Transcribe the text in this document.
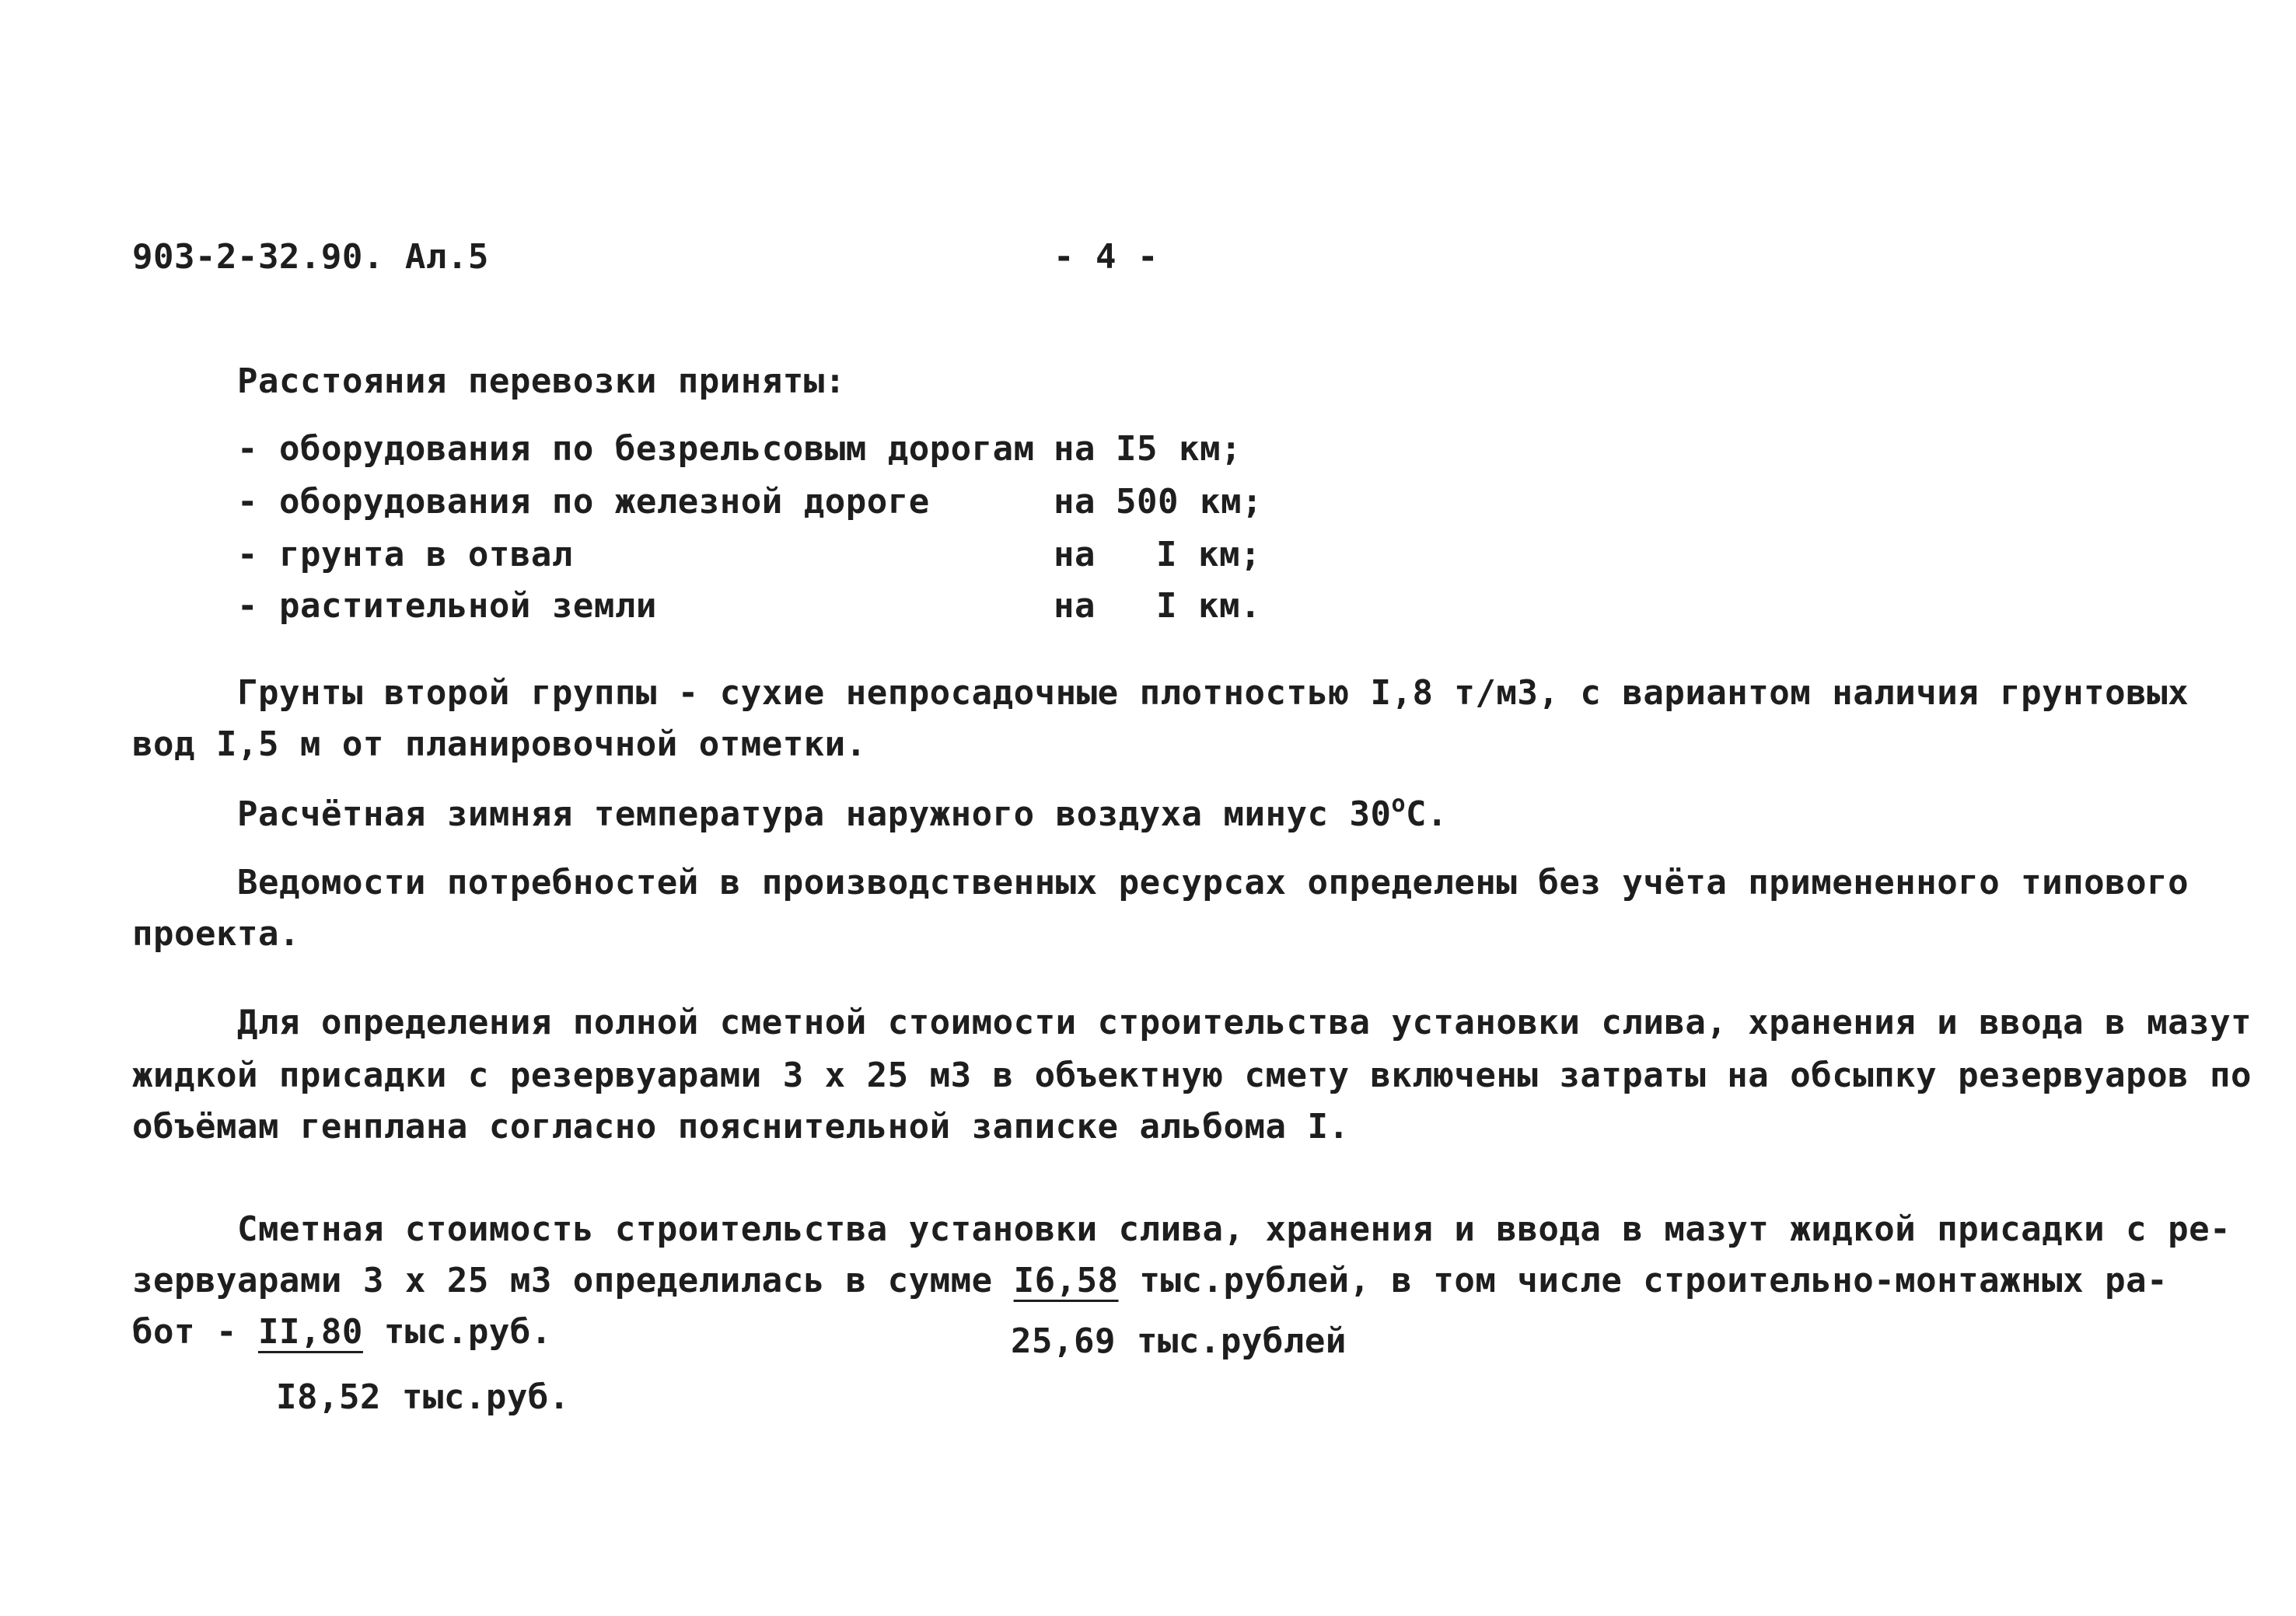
903-2-32.90. Ал.5	- 4 -
Расстояния перевозки приняты:
- оборудования по безрельсовым дорогам на I5 км;
- оборудования по железной дороге	на 500 км;
- грунта в отвал	на I км;
- растительной земли	на I км.
Грунты второй группы - сухие непросадочные плотностью I,8 т/м3, с вариантом наличия грунтовых
вод I,5 м от планировочной отметки.
Расчётная зимняя температура наружного воздуха минус $30^оС$.
Ведомости потребностей в производственных ресурсах определены без учёта примененного типового
проекта.
Для определения полной сметной стоимости строительства установки слива, хранения и ввода в мазут
жидкой присадки с резервуарами 3 х 25 м3 в объектную смету включены затраты на обсыпку резервуаров по
объёмам генплана согласно пояснительной записке альбома I.
Сметная стоимость строительства установки слива, хранения и ввода в мазут жидкой присадки с ре-
зервуарами 3 х 25 м3 определилась в сумме I6,58 тыс.рублей, в том числе строительно-монтажных ра-
бот - II,80 тыс.руб.	25,69 тыс.рублей
I8,52 тыс.руб.
